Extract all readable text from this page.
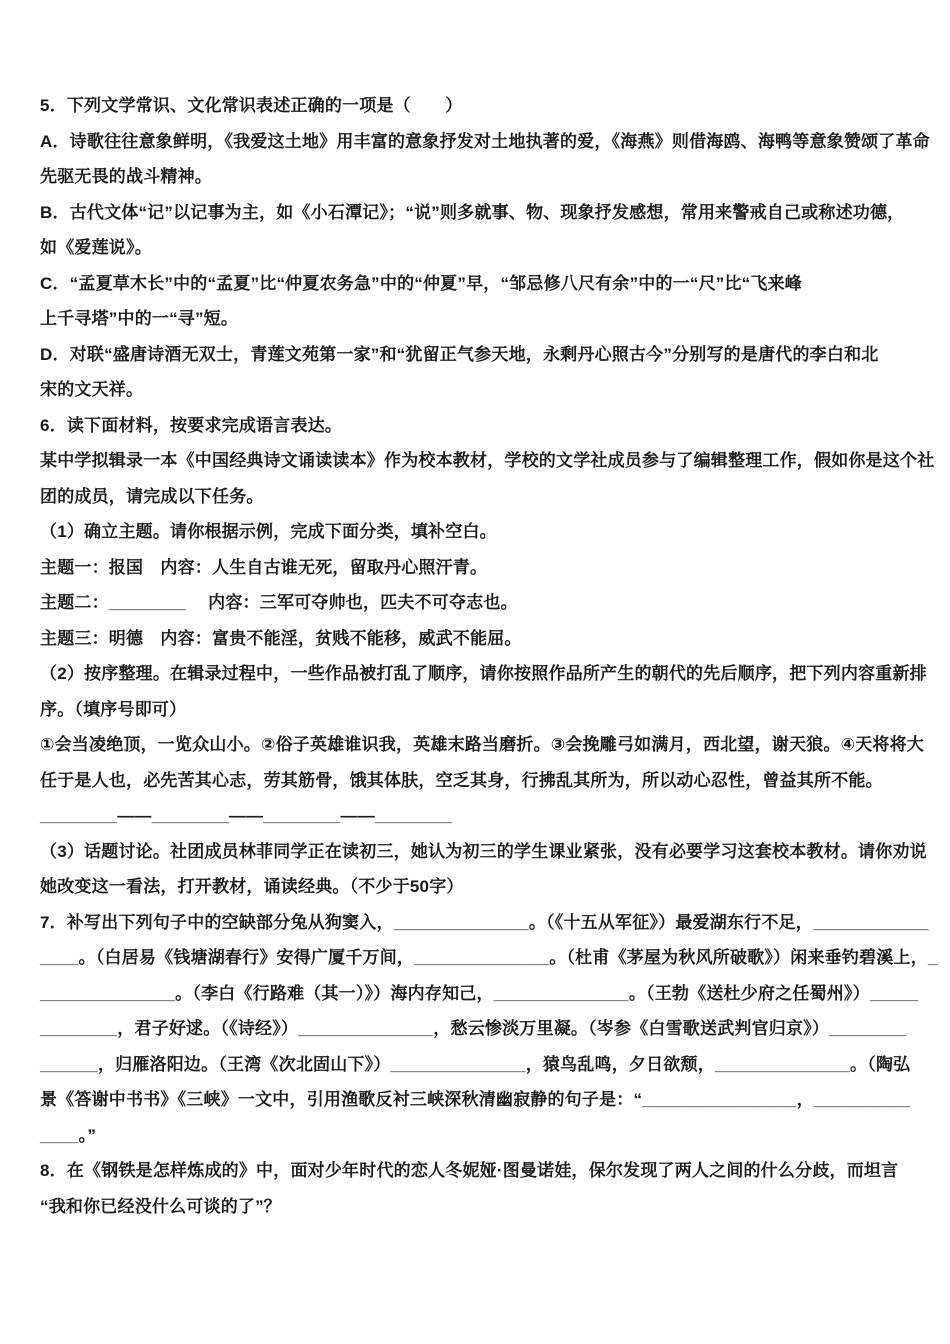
5．下列文学常识、文化常识表述正确的一项是（　　）
A．诗歌往往意象鲜明，《我爱这土地》用丰富的意象抒发对土地执著的爱，《海燕》则借海鸥、海鸭等意象赞颂了革命
先驱无畏的战斗精神。
B．古代文体“记”以记事为主，如《小石潭记》；“说”则多就事、物、现象抒发感想，常用来警戒自己或称述功德，
如《爱莲说》。
C．“孟夏草木长”中的“孟夏”比“仲夏农务急”中的“仲夏”早，“邹忌修八尺有余”中的一“尺”比“飞来峰
上千寻塔”中的一“寻”短。
D．对联“盛唐诗酒无双士，青莲文苑第一家”和“犹留正气参天地，永剩丹心照古今”分别写的是唐代的李白和北
宋的文天祥。
6．读下面材料，按要求完成语言表达。
某中学拟辑录一本《中国经典诗文诵读读本》作为校本教材，学校的文学社成员参与了编辑整理工作，假如你是这个社
团的成员，请完成以下任务。
（1）确立主题。请你根据示例，完成下面分类，填补空白。
主题一：报国　内容：人生自古谁无死，留取丹心照汗青。
主题二：________　 内容：三军可夺帅也，匹夫不可夺志也。
主题三：明德　内容：富贵不能淫，贫贱不能移，威武不能屈。
（2）按序整理。在辑录过程中，一些作品被打乱了顺序，请你按照作品所产生的朝代的先后顺序，把下列内容重新排
序。（填序号即可）
①会当凌绝顶，一览众山小。②俗子英雄谁识我，英雄末路当磨折。③会挽雕弓如满月，西北望，谢天狼。④天将将大
任于是人也，必先苦其心志，劳其筋骨，饿其体肤，空乏其身，行拂乱其所为，所以动心忍性，曾益其所不能。
________——________——________——________
（3）话题讨论。社团成员林菲同学正在读初三，她认为初三的学生课业紧张，没有必要学习这套校本教材。请你劝说
她改变这一看法，打开教材，诵读经典。（不少于50字）
7．补写出下列句子中的空缺部分兔从狗窦入，______________。（《十五从军征》）最爱湖东行不足，____________
____。（白居易《钱塘湖春行》安得广厦千万间，______________。（杜甫《茅屋为秋风所破歌》）闲来垂钓碧溪上，_
______________。（李白《行路难（其一）》）海内存知己，______________。（王勃《送杜少府之任蜀州》）_____
________，君子好逑。（《诗经》）______________，愁云惨淡万里凝。（岑参《白雪歌送武判官归京》）________
______，归雁洛阳边。（王湾《次北固山下》）______________，猿鸟乱鸣，夕日欲颓，______________。（陶弘
景《答谢中书书》《三峡》一文中，引用渔歌反衬三峡深秋清幽寂静的句子是：“________________，__________
____。”
8．在《钢铁是怎样炼成的》中，面对少年时代的恋人冬妮娅·图曼诺娃，保尔发现了两人之间的什么分歧，而坦言
“我和你已经没什么可谈的了”？
